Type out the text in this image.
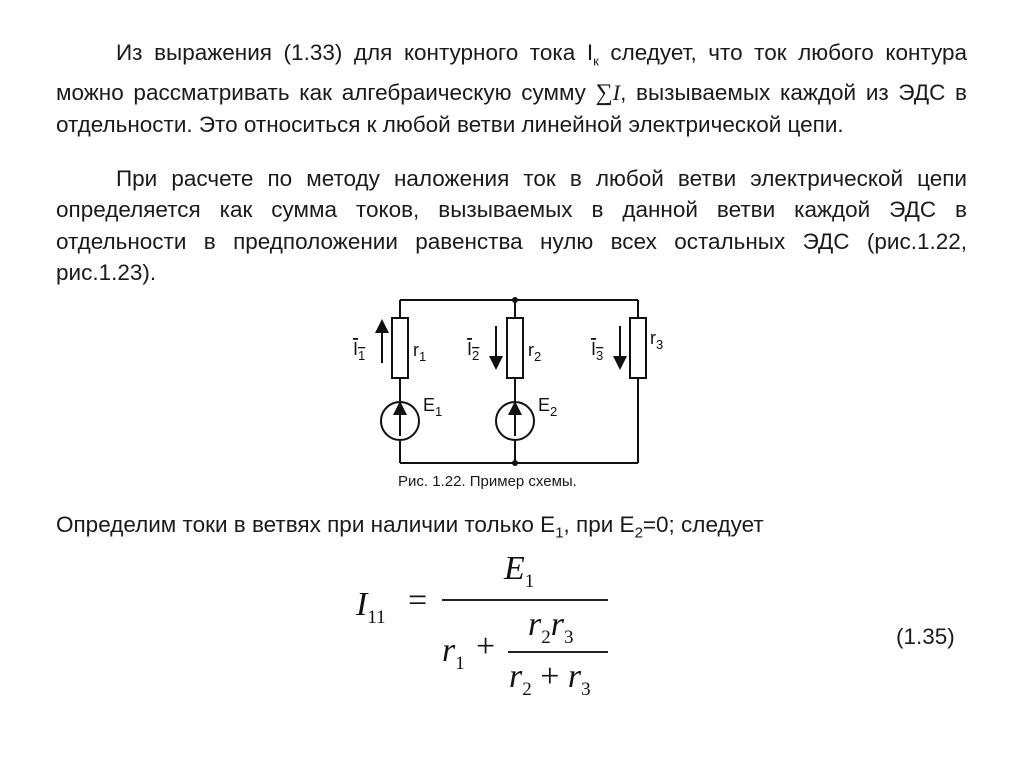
Из выражения (1.33) для контурного тока $I_к$ следует, что ток любого контура можно рассматривать как алгебраическую сумму ∑I, вызываемых каждой из ЭДС в отдельности. Это относиться к любой ветви линейной электрической цепи.

При расчете по методу наложения ток в любой ветви электрической цепи определяется как сумма токов, вызываемых в данной ветви каждой ЭДС в отдельности в предположении равенства нулю всех остальных ЭДС (рис.1.22, рис.1.23).

$I_1$	$I_2$	$I_3$
$r_1$	$r_2$
$r_3$
$E_1$	$E_2$
Рис. 1.22. Пример схемы.
Определим токи в ветвях при наличии только $E_1$, при $E_2=0$; следует
$I_{11}$ =
$E_1$
$r_1$ +
$r_2r_3$
$r_2 + r_3$
(1.35)
